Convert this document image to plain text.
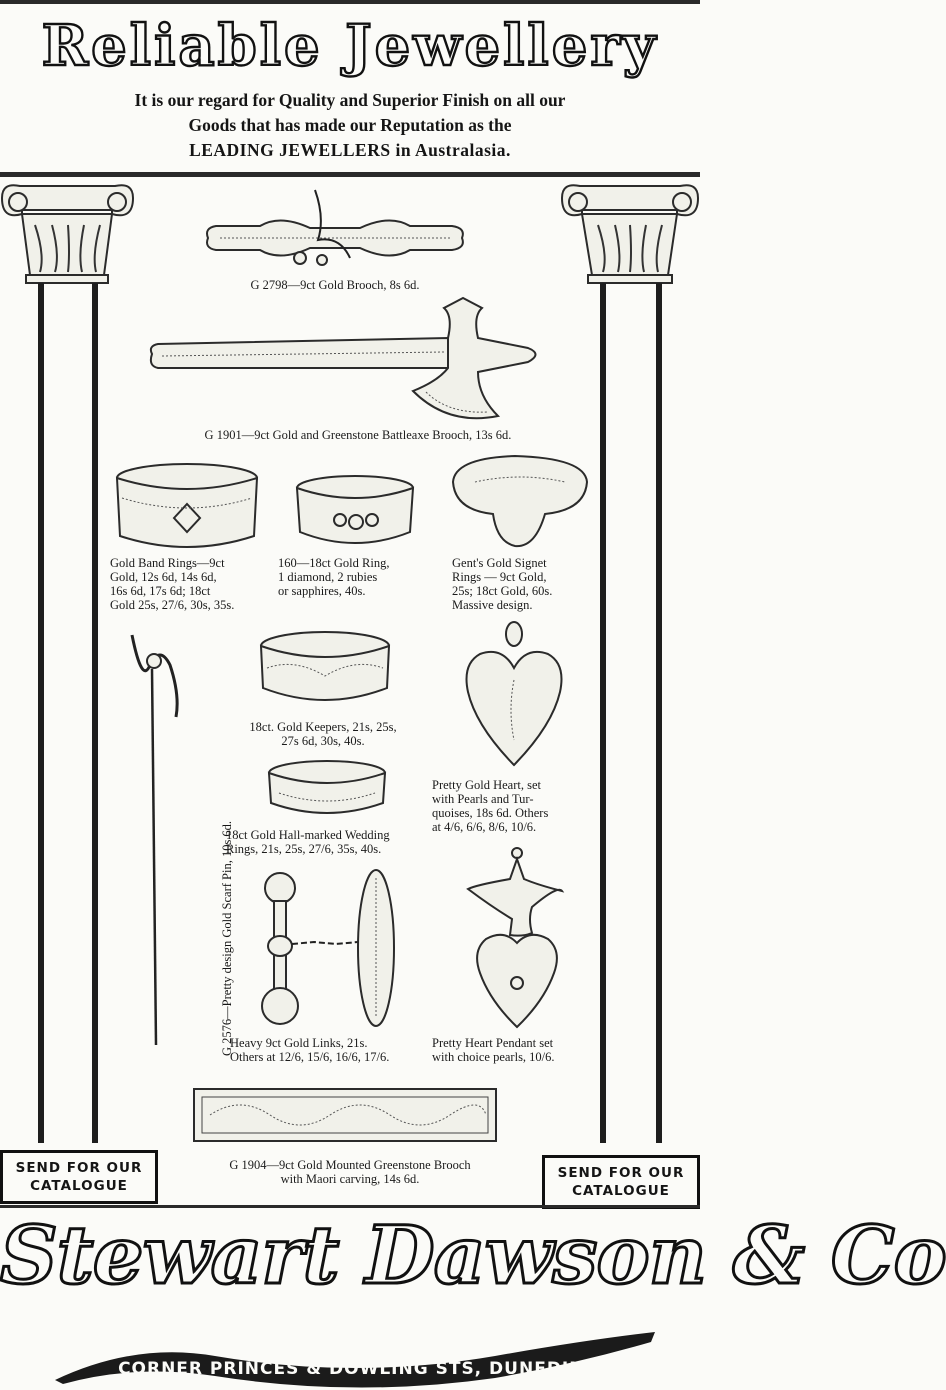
Reliable Jewellery
It is our regard for Quality and Superior Finish on all our
Goods that has made our Reputation as the
LEADING JEWELLERS in Australasia.
G 2798—9ct Gold Brooch, 8s 6d.
G 1901—9ct Gold and Greenstone Battleaxe Brooch, 13s 6d.
Gold Band Rings—9ct
Gold, 12s 6d, 14s 6d,
16s 6d, 17s 6d; 18ct
Gold 25s, 27/6, 30s, 35s.
160—18ct Gold Ring,
1 diamond, 2 rubies
or sapphires, 40s.
Gent's Gold Signet
Rings — 9ct Gold,
25s; 18ct Gold, 60s.
Massive design.
G 2576—Pretty design Gold Scarf Pin, 10s 6d.
18ct. Gold Keepers, 21s, 25s,
27s 6d, 30s, 40s.
Pretty Gold Heart, set
with Pearls and Tur-
quoises, 18s 6d. Others
at 4/6, 6/6, 8/6, 10/6.
18ct Gold Hall-marked Wedding
Rings, 21s, 25s, 27/6, 35s, 40s.
Heavy 9ct Gold Links, 21s.
Others at 12/6, 15/6, 16/6, 17/6.
Pretty Heart Pendant set
with choice pearls, 10/6.
G 1904—9ct Gold Mounted Greenstone Brooch
with Maori carving, 14s 6d.
SEND FOR OUR
CATALOGUE
SEND FOR OUR
CATALOGUE
Stewart Dawson & Co
CORNER PRINCES & DOWLING STS, DUNEDIN.
